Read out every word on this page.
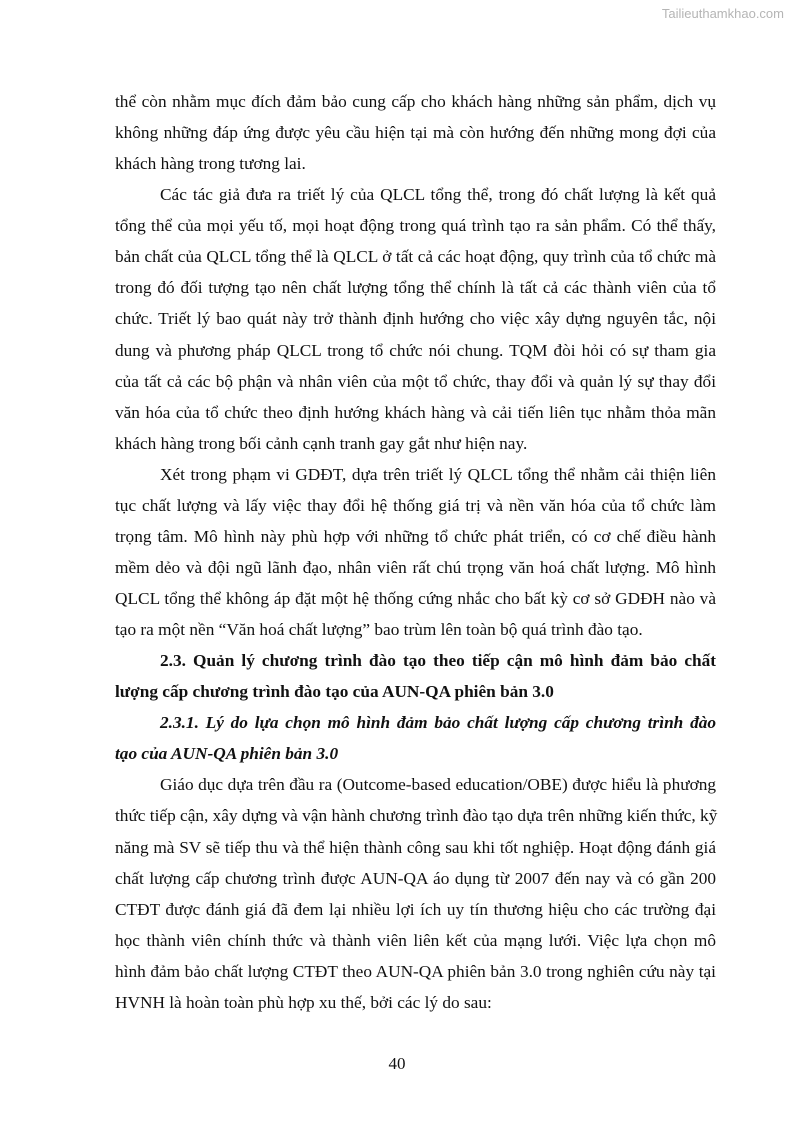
Tailieuthamkhao.com
thể còn nhằm mục đích đảm bảo cung cấp cho khách hàng những sản phẩm, dịch vụ
không những đáp ứng được yêu cầu hiện tại mà còn hướng đến những mong đợi của
khách hàng trong tương lai.
Các tác giả đưa ra triết lý của QLCL tổng thể, trong đó chất lượng là kết quả
tổng thể của mọi yếu tố, mọi hoạt động trong quá trình tạo ra sản phẩm. Có thể thấy,
bản chất của QLCL tổng thể là QLCL ở tất cả các hoạt động, quy trình của tổ chức mà
trong đó đối tượng tạo nên chất lượng tổng thể chính là tất cả các thành viên của tổ
chức. Triết lý bao quát này trở thành định hướng cho việc xây dựng nguyên tắc, nội
dung và phương pháp QLCL trong tổ chức nói chung. TQM đòi hỏi có sự tham gia
của tất cả các bộ phận và nhân viên của một tổ chức, thay đổi và quản lý sự thay đổi
văn hóa của tổ chức theo định hướng khách hàng và cải tiến liên tục nhằm thỏa mãn
khách hàng trong bối cảnh cạnh tranh gay gắt như hiện nay.
Xét trong phạm vi GDĐT, dựa trên triết lý QLCL tổng thể nhằm cải thiện liên
tục chất lượng và lấy việc thay đổi hệ thống giá trị và nền văn hóa của tổ chức làm
trọng tâm. Mô hình này phù hợp với những tổ chức phát triển, có cơ chế điều hành
mềm dẻo và đội ngũ lãnh đạo, nhân viên rất chú trọng văn hoá chất lượng. Mô hình
QLCL tổng thể không áp đặt một hệ thống cứng nhắc cho bất kỳ cơ sở GDĐH nào và
tạo ra một nền “Văn hoá chất lượng” bao trùm lên toàn bộ quá trình đào tạo.
2.3. Quản lý chương trình đào tạo theo tiếp cận mô hình đảm bảo chất
lượng cấp chương trình đào tạo của AUN-QA phiên bản 3.0
2.3.1. Lý do lựa chọn mô hình đảm bảo chất lượng cấp chương trình đào
tạo của AUN-QA phiên bản 3.0
Giáo dục dựa trên đầu ra (Outcome-based education/OBE) được hiểu là phương
thức tiếp cận, xây dựng và vận hành chương trình đào tạo dựa trên những kiến thức, kỹ
năng mà SV sẽ tiếp thu và thể hiện thành công sau khi tốt nghiệp. Hoạt động đánh giá
chất lượng cấp chương trình được AUN-QA áo dụng từ 2007 đến nay và có gần 200
CTĐT được đánh giá đã đem lại nhiều lợi ích uy tín thương hiệu cho các trường đại
học thành viên chính thức và thành viên liên kết của mạng lưới. Việc lựa chọn mô
hình đảm bảo chất lượng CTĐT theo AUN-QA phiên bản 3.0 trong nghiên cứu này tại
HVNH là hoàn toàn phù hợp xu thế, bởi các lý do sau:
40
